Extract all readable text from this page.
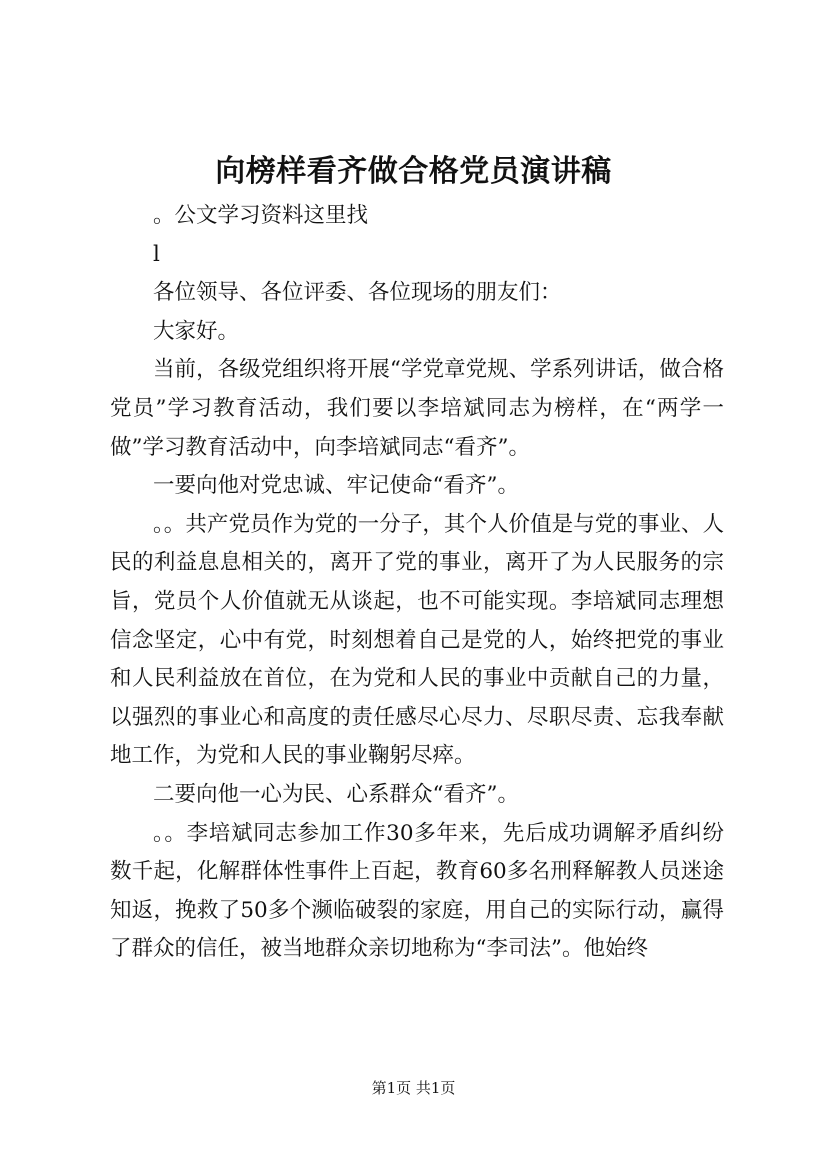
向榜样看齐做合格党员演讲稿

。公文学习资料这里找

l

各位领导、各位评委、各位现场的朋友们：

大家好。

当前，各级党组织将开展“学党章党规、学系列讲话，做合格党员”学习教育活动，我们要以李培斌同志为榜样，在“两学一做”学习教育活动中，向李培斌同志“看齐”。

一要向他对党忠诚、牢记使命“看齐”。

。。共产党员作为党的一分子，其个人价值是与党的事业、人民的利益息息相关的，离开了党的事业，离开了为人民服务的宗旨，党员个人价值就无从谈起，也不可能实现。李培斌同志理想信念坚定，心中有党，时刻想着自己是党的人，始终把党的事业和人民利益放在首位，在为党和人民的事业中贡献自己的力量，以强烈的事业心和高度的责任感尽心尽力、尽职尽责、忘我奉献地工作，为党和人民的事业鞠躬尽瘁。

二要向他一心为民、心系群众“看齐”。

。。李培斌同志参加工作30多年来，先后成功调解矛盾纠纷数千起，化解群体性事件上百起，教育60多名刑释解教人员迷途知返，挽救了50多个濒临破裂的家庭，用自己的实际行动，赢得了群众的信任，被当地群众亲切地称为“李司法”。他始终

第1页 共1页
